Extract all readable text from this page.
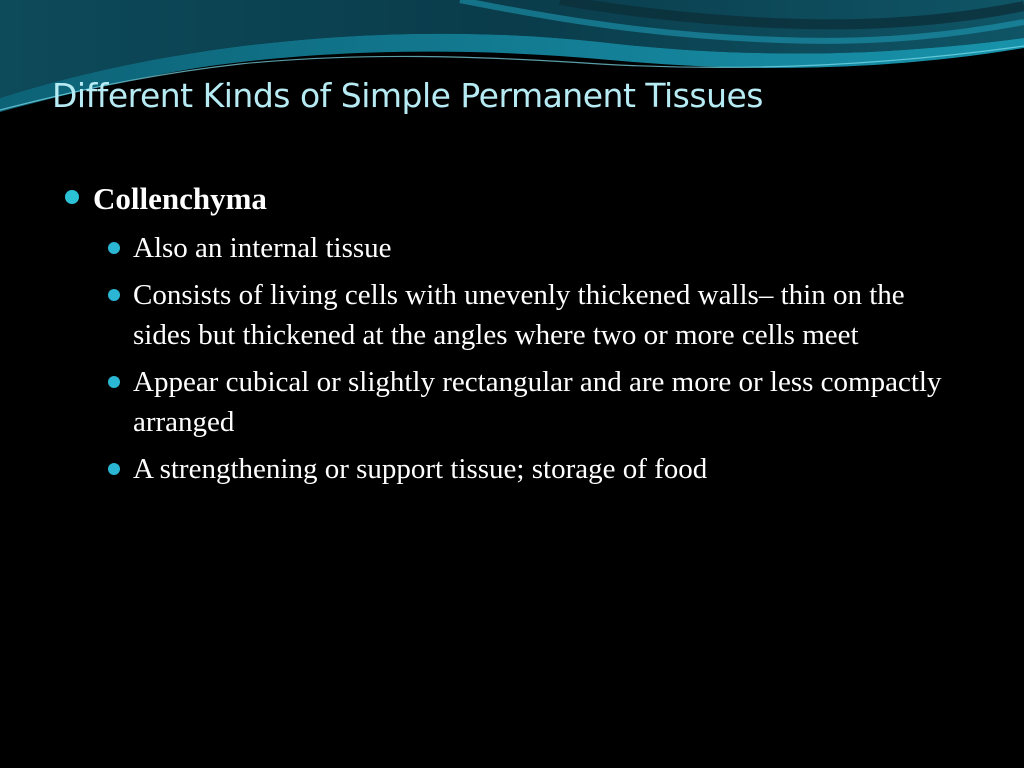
Different Kinds of Simple Permanent Tissues
Collenchyma
Also an internal tissue
Consists of living cells with unevenly thickened walls– thin on the sides but thickened at the angles where two or more cells meet
Appear cubical or slightly rectangular and are more or less compactly arranged
A strengthening or support tissue; storage of food
